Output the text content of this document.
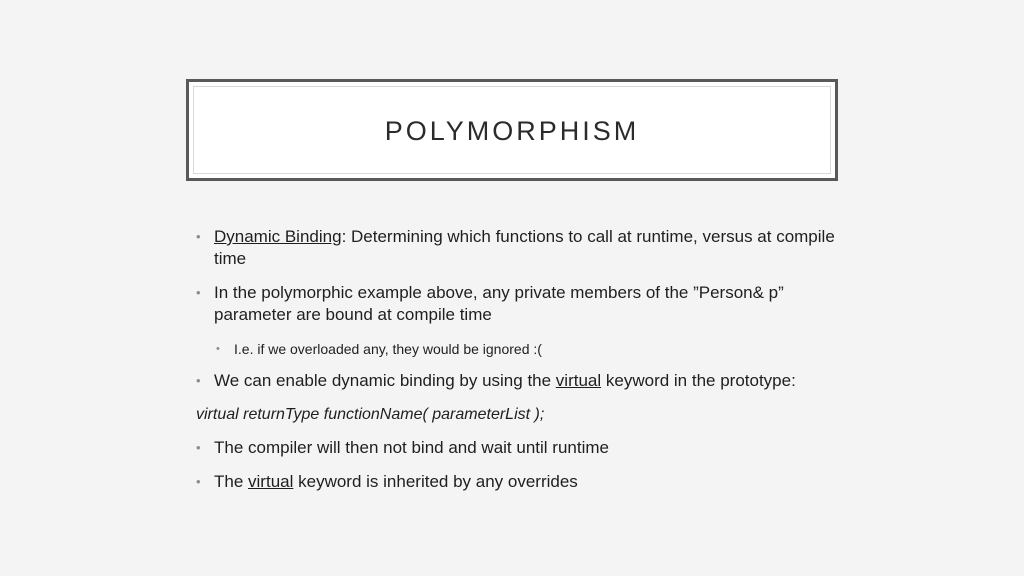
POLYMORPHISM
• Dynamic Binding: Determining which functions to call at runtime, versus at compile time
• In the polymorphic example above, any private members of the ”Person& p” parameter are bound at compile time
• I.e. if we overloaded any, they would be ignored :(
• We can enable dynamic binding by using the virtual keyword in the prototype:
virtual returnType functionName( parameterList );
• The compiler will then not bind and wait until runtime
• The virtual keyword is inherited by any overrides
